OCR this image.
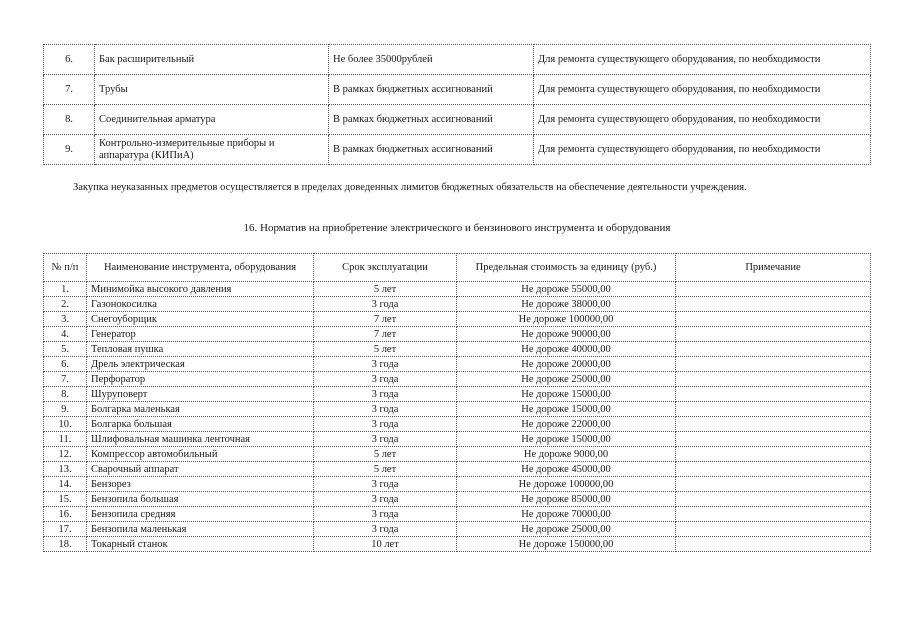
6.	Бак расширительный	Не более 35000рублей	Для ремонта существующего оборудования, по необходимости
7.	Трубы	В рамках бюджетных ассигнований	Для ремонта существующего оборудования, по необходимости
8.	Соединительная арматура	В рамках бюджетных ассигнований	Для ремонта существующего оборудования, по необходимости
9.	Контрольно-измерительные приборы и аппаратура (КИПиА)	В рамках бюджетных ассигнований	Для ремонта существующего оборудования, по необходимости

Закупка неуказанных предметов осуществляется в пределах доведенных лимитов бюджетных обязательств на обеспечение деятельности учреждения.

16. Норматив на приобретение электрического и бензинового инструмента и оборудования

№ п/п	Наименование инструмента, оборудования	Срок эксплуатации	Предельная стоимость за единицу (руб.)	Примечание
1.	Минимойка высокого давления	5 лет	Не дороже 55000,00	
2.	Газонокосилка	3 года	Не дороже 38000,00	
3.	Снегоуборщик	7 лет	Не дороже 100000,00	
4.	Генератор	7 лет	Не дороже 90000,00	
5.	Тепловая пушка	5 лет	Не дороже 40000,00	
6.	Дрель электрическая	3 года	Не дороже 20000,00	
7.	Перфоратор	3 года	Не дороже 25000,00	
8.	Шуруповерт	3 года	Не дороже 15000,00	
9.	Болгарка маленькая	3 года	Не дороже 15000,00	
10.	Болгарка большая	3 года	Не дороже 22000,00	
11.	Шлифовальная машинка ленточная	3 года	Не дороже 15000,00	
12.	Компрессор автомобильный	5 лет	Не дороже 9000,00	
13.	Сварочный аппарат	5 лет	Не дороже 45000,00	
14.	Бензорез	3 года	Не дороже 100000,00	
15.	Бензопила большая	3 года	Не дороже 85000,00	
16.	Бензопила средняя	3 года	Не дороже 70000,00	
17.	Бензопила маленькая	3 года	Не дороже 25000,00	
18.	Токарный станок	10 лет	Не дороже 150000,00	
